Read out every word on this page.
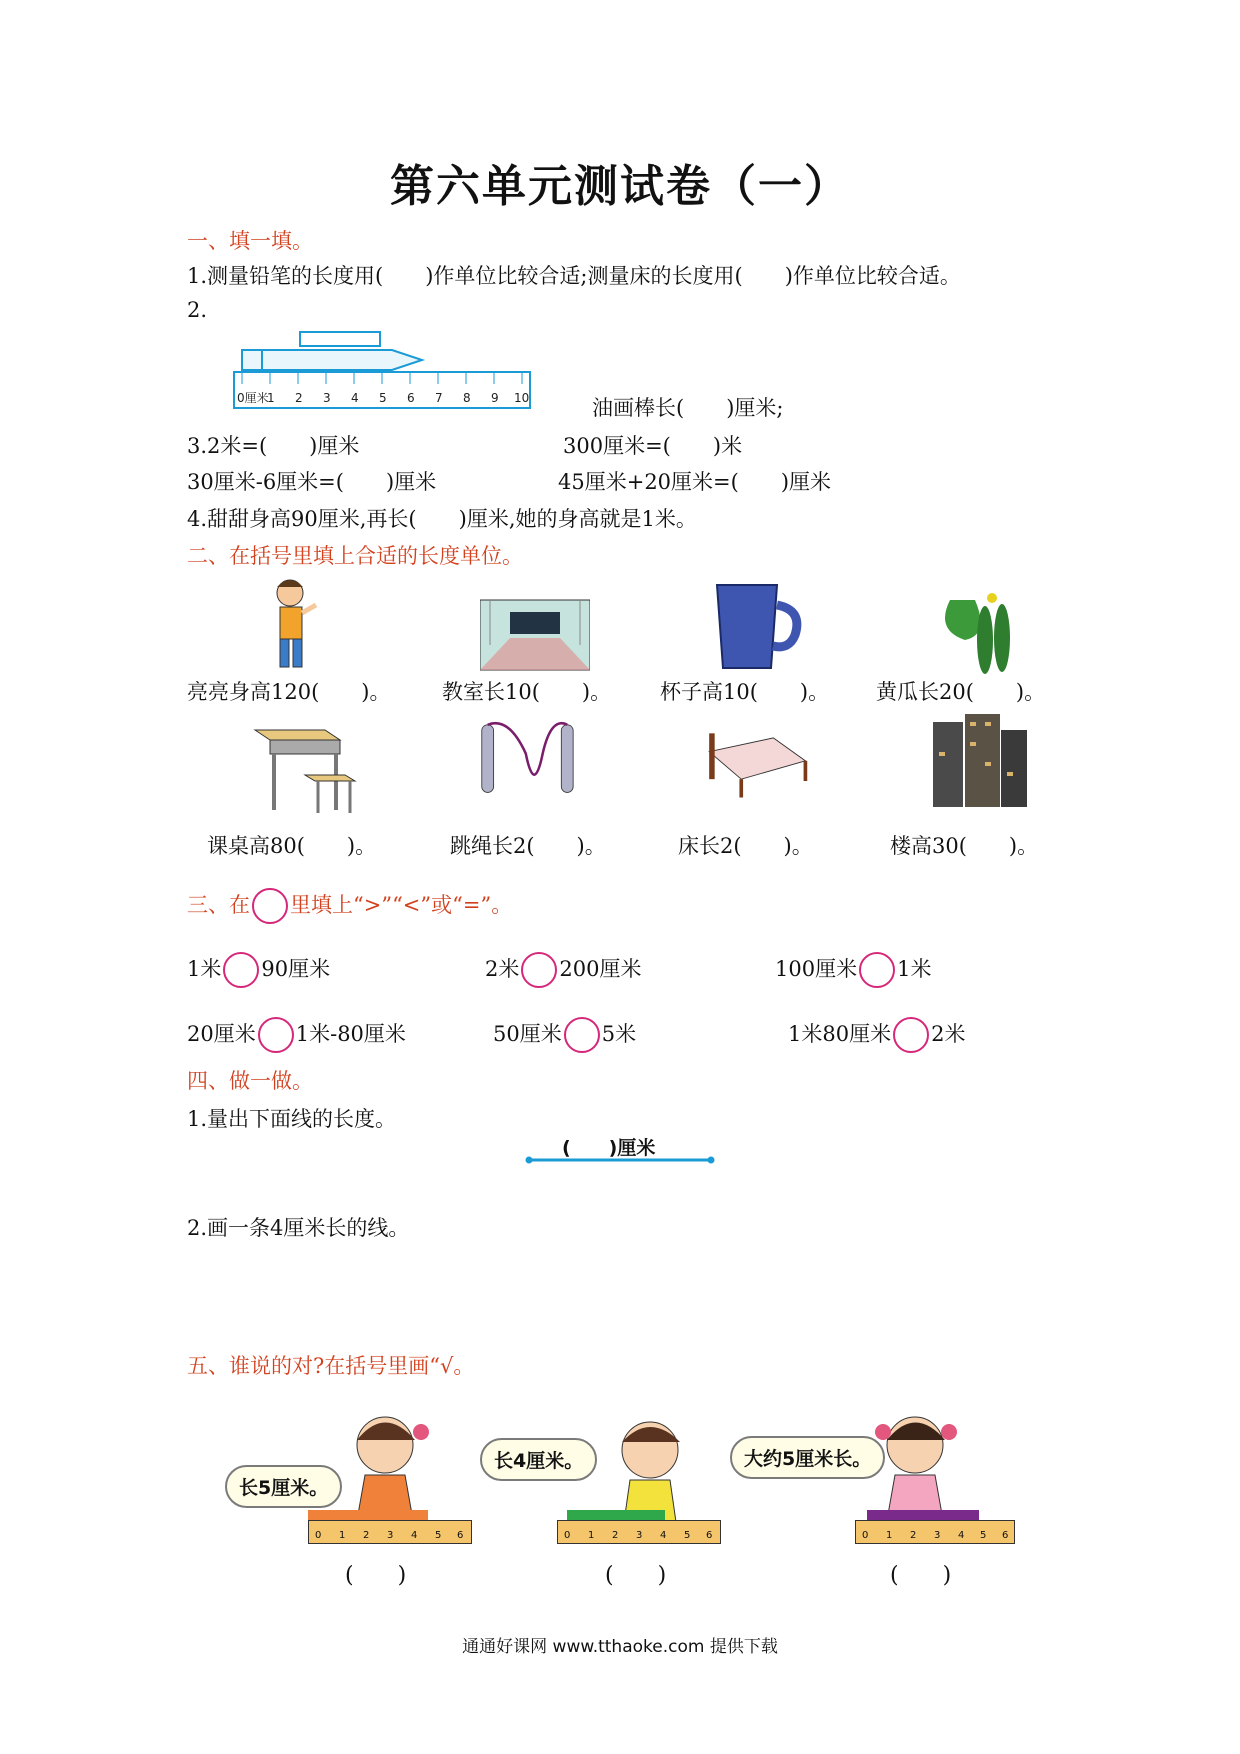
第六单元测试卷（一）
一、填一填。
1.测量铅笔的长度用(　　)作单位比较合适;测量床的长度用(　　)作单位比较合适。
2.
0厘米
1 2 3 4 5 6 7 8 9 10	油画棒长(　　)厘米;
3.2米=(　　)厘米	300厘米=(　　)米
30厘米-6厘米=(　　)厘米	45厘米+20厘米=(　　)厘米
4.甜甜身高90厘米,再长(　　)厘米,她的身高就是1米。
二、在括号里填上合适的长度单位。
亮亮身高120(　　)。 教室长10(　　)。 杯子高10(　　)。 黄瓜长20(　　)。
课桌高80(　　)。	跳绳长2(　　)。	床长2(　　)。	楼高30(　　)。
三、在 里填上“>”“<”或“=”。
1米 90厘米	2米 200厘米	100厘米 1米
20厘米 1米-80厘米	50厘米 5米	1米80厘米 2米
四、做一做。
1.量出下面线的长度。
(　　)厘米
2.画一条4厘米长的线。
五、谁说的对?在括号里画“√。
长5厘米。
0 1 2 3 4 5 6
(　　)
长4厘米。
0 1 2 3 4 5 6
(　　)
大约5厘米长。
0 1 2 3 4 5 6
(　　)
通通好课网 www.tthaoke.com 提供下载
